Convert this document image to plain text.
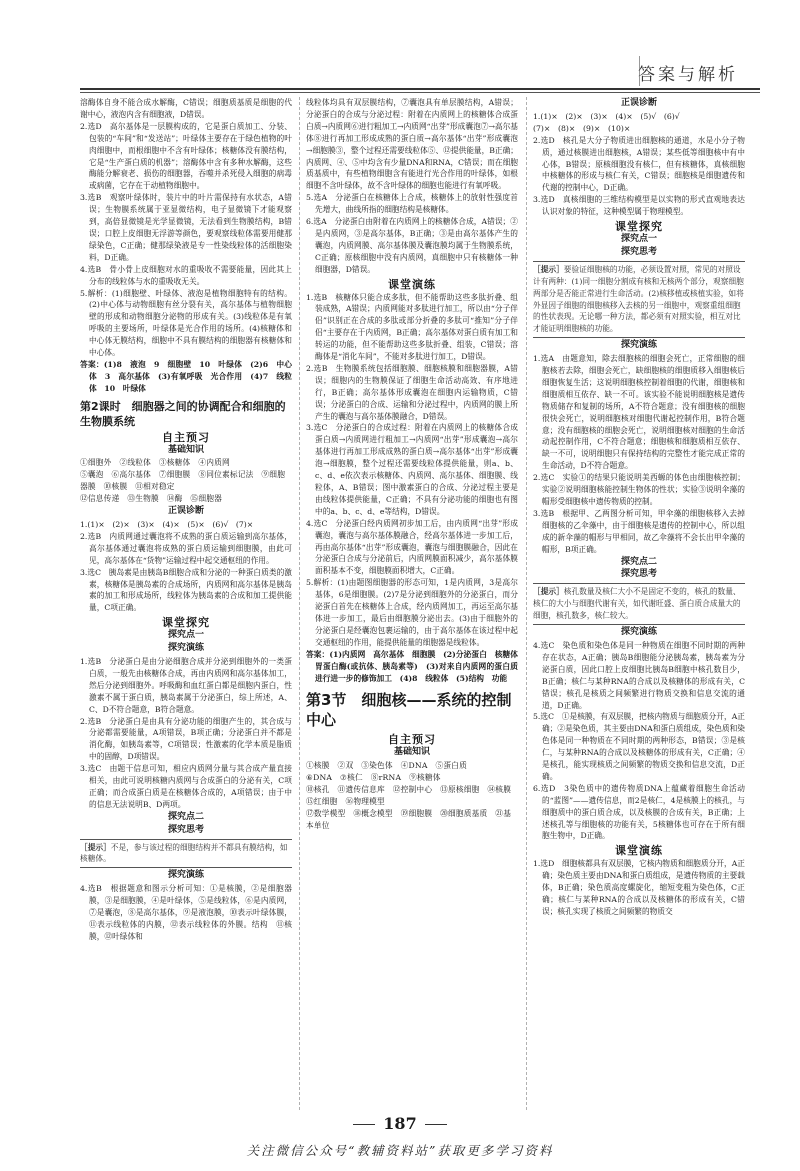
答案与解析

溶酶体自身不能合成水解酶，C错误；细胞质基质是细胞的代谢中心，液泡内含有细胞液，D错误。

2.选D　高尔基体是一层膜构成的，它是蛋白质加工、分装、包装的“车间”和“发送站”；叶绿体主要存在于绿色植物的叶肉细胞中，而根细胞中不含有叶绿体；核糖体没有膜结构，它是“生产蛋白质的机器”；溶酶体中含有多种水解酶，这些酶能分解衰老、损伤的细胞器，吞噬并杀死侵入细胞的病毒或病菌，它存在于动植物细胞中。

3.选B　观察叶绿体时，装片中的叶片需保持有水状态，A错误；生物膜系统属于亚显微结构，电子显微镜下才能观察到，高倍显微镜是光学显微镜，无法看到生物膜结构，B错误；口腔上皮细胞无浮游等颜色，要观察线粒体需要用健那绿染色，C正确；健那绿染液是专一性染线粒体的活细胞染料，D正确。

4.选B　骨小骨上皮细胞对水的重吸收不需要能量，因此其上分布的线粒体与水的重吸收无关。

5.解析：(1)细胞壁、叶绿体、液泡是植物细胞特有的结构。(2)中心体与动物细胞有丝分裂有关，高尔基体与植物细胞壁的形成和动物细胞分泌物的形成有关。(3)线粒体是有氧呼吸的主要场所，叶绿体是光合作用的场所。(4)核糖体和中心体无膜结构，细胞中不具有膜结构的细胞器有核糖体和中心体。

答案：(1)8　液泡　9　细胞壁　10　叶绿体　(2)6　中心体　3　高尔基体　(3)有氧呼吸　光合作用　(4)7　线粒体　10　叶绿体

第2课时　细胞器之间的协调配合和细胞的生物膜系统
自主预习
基础知识

①细胞外　②线粒体　③核糖体　④内质网

⑤囊泡　⑥高尔基体　⑦细胞膜　⑧同位素标记法　⑨细胞器膜　⑩核膜　⑪相对稳定

⑫信息传递　⑬生物膜　⑭酶　⑮细胞器

正误诊断

1.(1)×　(2)×　(3)×　(4)×　(5)×　(6)√　(7)×

2.选B　内质网通过囊泡将不成熟的蛋白质运输到高尔基体，高尔基体通过囊泡将成熟的蛋白质运输到细胞膜，由此可见，高尔基体在“货物”运输过程中起交通枢纽的作用。

3.选C　胰岛素是由胰岛B细胞合成和分泌的一种蛋白质类的激素，核糖体是胰岛素的合成场所，内质网和高尔基体是胰岛素的加工和形成场所，线粒体为胰岛素的合成和加工提供能量，C项正确。

课堂探究
探究点一
探究演练

1.选B　分泌蛋白是由分泌细胞合成并分泌到细胞外的一类蛋白质，一般先由核糖体合成，再由内质网和高尔基体加工，然后分泌到细胞外。呼吸酶和血红蛋白都是细胞内蛋白，性激素不属于蛋白质，胰岛素属于分泌蛋白，综上所述，A、C、D不符合题意，B符合题意。

2.选B　分泌蛋白是由具有分泌功能的细胞产生的，其合成与分泌都需要能量，A项错误，B项正确；分泌蛋白并不都是消化酶，如胰岛素等，C项错误；性激素的化学本质是脂质中的固醇，D项错误。

3.选C　由题干信息可知，相应内质网分量与其合成产量直接相关，由此可说明核糖内质网与合成蛋白的分泌有关，C项正确；而合成蛋白质是在核糖体合成的，A项错误；由于中的信息无法说明B、D两项。

探究点二
探究思考
［提示］不是，参与该过程的细胞结构并不都具有膜结构，如核糖体。
探究演练

4.选B　根据题意和图示分析可知：①是核膜，②是细胞器膜，③是细胞膜，④是叶绿体，⑤是线粒体，⑥是内质网，⑦是囊泡，⑧是高尔基体，⑨是液泡膜，⑩表示叶绿体膜，⑪表示线粒体的内膜，⑫表示线粒体的外膜。结构　⑪核膜，⑫叶绿体和

线粒体均具有双层膜结构，⑦囊泡具有单层膜结构，A错误；分泌蛋白的合成与分泌过程：附着在内质网上的核糖体合成蛋白质→内质网⑥进行粗加工→内质网“出芽”形成囊泡⑦→高尔基体⑧进行再加工形成成熟的蛋白质→高尔基体“出芽”形成囊泡→细胞膜③，整个过程还需要线粒体⑤、⑫提供能量，B正确；内质网、④、⑤中均含有少量DNA和RNA，C错误；而在细胞质基质中，有些植物细胞含有能进行光合作用的叶绿体，如根细胞不含叶绿体，故不含叶绿体的细胞也能进行有氧呼吸。

5.选A　分泌蛋白在核糖体上合成，核糖体上的放射性强度首先增大，曲线所指的细胞结构是核糖体。

6.选A　分泌蛋白由附着在内质网上的核糖体合成，A错误；②是内质网，③是高尔基体，B正确；③是由高尔基体产生的囊泡，内质网膜、高尔基体膜及囊泡膜均属于生物膜系统，C正确；原核细胞中没有内质网，真细胞中只有核糖体一种细胞器，D错误。

课堂演练

1.选B　核糖体只能合成多肽，但不能帮助这些多肽折叠、组装成熟，A错误；内质网能对多肽进行加工，所以由“分子伴侣”识别正在合成的多肽或部分折叠的多肽可“推知”分子伴侣“主要存在于内质网，B正确；高尔基体对蛋白质有加工和转运的功能，但不能帮助这些多肽折叠、组装，C错误；溶酶体是“消化车间”，不能对多肽进行加工，D错误。

2.选B　生物膜系统包括细胞膜、细胞核膜和细胞器膜，A错误；细胞内的生物膜保证了细胞生命活动高效、有序地进行，B正确；高尔基体形成囊泡在细胞内运输物质，C错误；分泌蛋白的合成、运输和分泌过程中，内质网的膜上所产生的囊泡与高尔基体膜融合，D错误。

3.选C　分泌蛋白的合成过程：附着在内质网上的核糖体合成蛋白质→内质网进行粗加工→内质网“出芽”形成囊泡→高尔基体进行再加工形成成熟的蛋白质→高尔基体“出芽”形成囊泡→细胞膜，整个过程还需要线粒体提供能量，则a、b、c、d、e依次表示核糖体、内质网、高尔基体、细胞膜、线粒体，A、B错误；图中激素蛋白的合成、分泌过程主要是由线粒体提供能量，C正确；不具有分泌功能的细胞也有图中的a、b、c、d、e等结构，D错误。

4.选C　分泌蛋白经内质网初步加工后，由内质网“出芽”形成囊泡，囊泡与高尔基体膜融合，经高尔基体进一步加工后，再由高尔基体“出芽”形成囊泡，囊泡与细胞膜融合，因此在分泌蛋白合成与分泌前后，内质网膜面积减少，高尔基体膜面积基本不变，细胞膜面积增大，C正确。

5.解析：(1)由题图细胞器的形态可知，1是内质网，3是高尔基体，6是细胞膜。(2)7是分泌到细胞外的分泌蛋白，而分泌蛋白首先在核糖体上合成，经内质网加工，再运至高尔基体进一步加工，最后由细胞膜分泌出去。(3)由于细胞外的分泌蛋白是经囊泡包裹运输的，由于高尔基体在该过程中起交通枢纽的作用，能提供能量的细胞器是线粒体。

答案：(1)内质网　高尔基体　细胞膜　(2)分泌蛋白　核糖体　胃蛋白酶(或抗体、胰岛素等)　(3)对来自内质网的蛋白质进行进一步的修饰加工　(4)8　线粒体　(5)结构　功能

第3节　细胞核——系统的控制中心
自主预习
基础知识

①核膜　②双　③染色体　④DNA　⑤蛋白质

⑥DNA　⑦核仁　⑧rRNA　⑨核糖体

⑩核孔　⑪遗传信息库　⑫控制中心　⑬原核细胞　⑭核膜　⑮红细胞　⑯物理模型

⑰数学模型　⑱概念模型　⑲细胞膜　⑳细胞质基质　㉑基本单位

正误诊断

1.(1)×　(2)×　(3)×　(4)×　(5)√　(6)√

(7)×　(8)×　(9)×　(10)×

2.选D　核孔是大分子物质进出细胞核的通道，水是小分子物质，通过核膜进出细胞核，A错误；某些低等细胞核中有中心体，B错误；原核细胞没有核仁，但有核糖体，真核细胞中核糖体的形成与核仁有关，C错误；细胞核是细胞遗传和代谢的控制中心，D正确。

3.选D　真核细胞的三维结构模型是以实物的形式直观地表达认识对象的特征，这种模型属于物理模型。

课堂探究
探究点一
探究思考
［提示］要验证细胞核的功能，必须设置对照，常见的对照设计有两种：(1)同一细胞分割成有核和无核两个部分，观察细胞两部分是否能正常进行生命活动。(2)核移植或核植实验，如将外显因子细胞的细胞核移入去核的另一细胞中，观察重组细胞的性状表现。无论哪一种方法，都必须有对照实验，相互对比才能证明细胞核的功能。
探究演练

1.选A　由题意知，除去细胞核的细胞会死亡，正常细胞的细胞核若去除，细胞会死亡，缺细胞核的细胞质移入细胞核后细胞恢复生活；这说明细胞核控制着细胞的代谢，细胞核和细胞质相互依存、缺一不可。该实验不能说明细胞核是遗传物质储存和复制的场所，A不符合题意；没有细胞核的细胞很快会死亡，说明细胞核对细胞代谢起控制作用，B符合题意；没有细胞核的细胞会死亡，说明细胞核对细胞的生命活动起控制作用，C不符合题意；细胞核和细胞质相互依存、缺一不可，说明细胞只有保持结构的完整性才能完成正常的生命活动，D不符合题意。

2.选C　实验①的结果只能说明美西螈的体色由细胞核控制；实验②说明细胞核能控制生物体的性状；实验③说明伞藻的帽形受细胞核中遗传物质的控制。

3.选B　根据甲、乙两图分析可知，甲伞藻的细胞核移入去掉细胞核的乙伞藻中，由于细胞核是遗传的控制中心，所以组成的新伞藻的帽形与甲相同，故乙伞藻将不会长出甲伞藻的帽形，B项正确。

探究点二
探究思考
［提示］核孔数量及核仁大小不是固定不变的，核孔的数量、核仁的大小与细胞代谢有关，如代谢旺盛、蛋白质合成量大的细胞，核孔数多，核仁较大。
探究演练

4.选C　染色质和染色体是同一种物质在细胞不同时期的两种存在状态，A正确；胰岛B细胞能分泌胰岛素，胰岛素为分泌蛋白质，因此口腔上皮细胞比胰岛B细胞中核孔数目少，B正确；核仁与某种RNA的合成以及核糖体的形成有关，C错误；核孔是核质之间频繁进行物质交换和信息交流的通道，D正确。

5.选C　①是核膜，有双层膜，把核内物质与细胞质分开，A正确；②是染色质，其主要由DNA和蛋白质组成，染色质和染色体是同一种物质在不同时期的两种形态，B错误；③是核仁，与某种RNA的合成以及核糖体的形成有关，C正确；④是核孔，能实现核质之间频繁的物质交换和信息交流，D正确。

6.选D　3染色质中的遗传物质DNA上蕴藏着细胞生命活动的“蓝图”——遗传信息，而2是核仁，4是核膜上的核孔，与细胞质中的蛋白质合成，以及核膜的合成有关，B正确；上述核孔等与细胞核的功能有关，5核糖体也可存在于所有细胞生物中，D正确。

课堂演练

1.选D　细胞核都具有双层膜，它核内物质和细胞质分开，A正确；染色质主要由DNA和蛋白质组成，是遗传物质的主要载体，B正确；染色质高度螺旋化，缩短变粗为染色体，C正确；核仁与某种RNA的合成以及核糖体的形成有关，C错误；核孔实现了核质之间频繁的物质交

187
关注微信公众号“教辅资料站”获取更多学习资料
